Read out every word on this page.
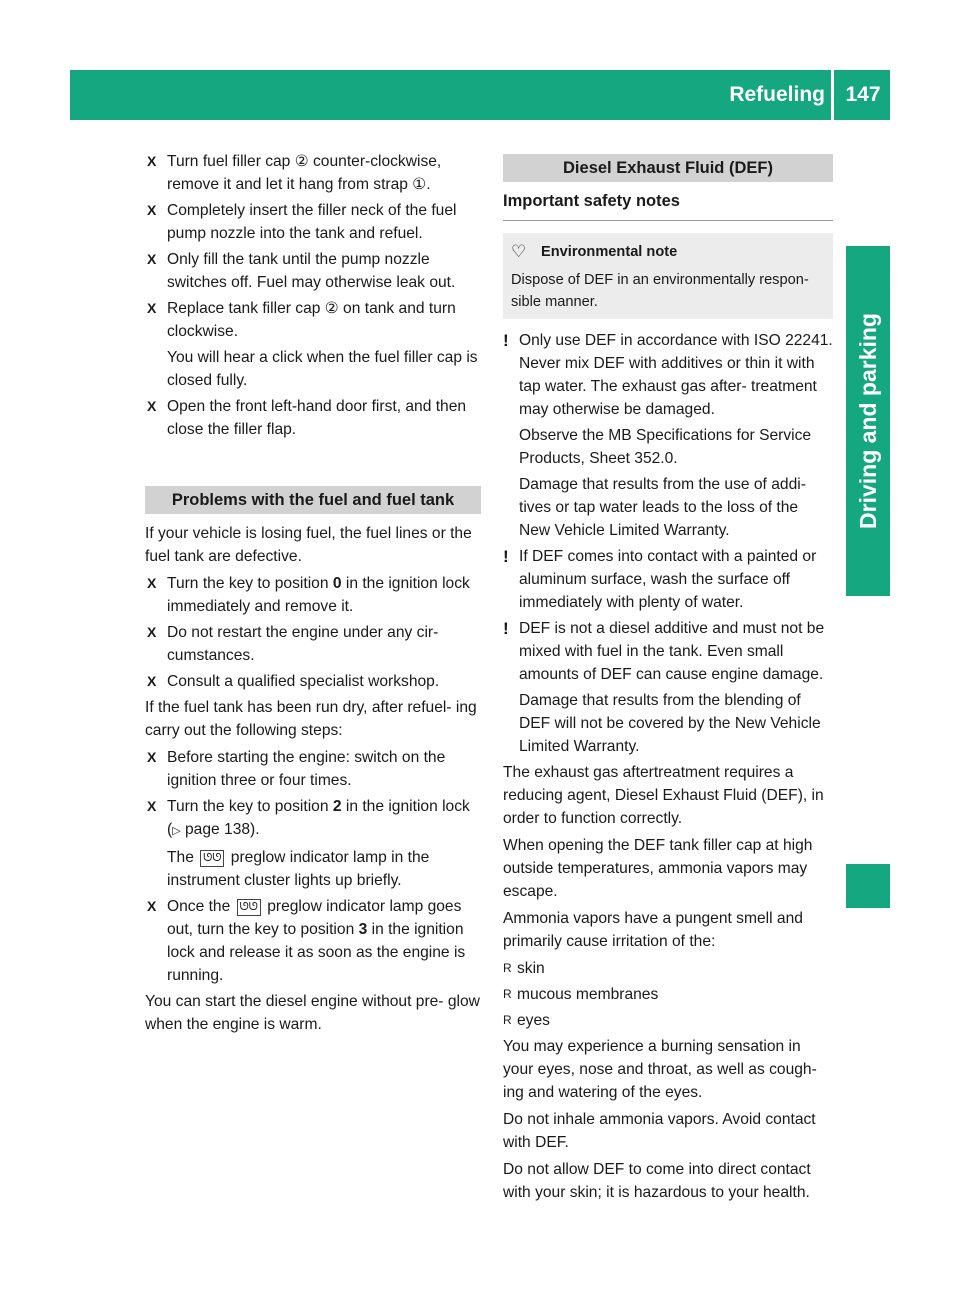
Refueling 147
Driving and parking
X Turn fuel filler cap ② counter-clockwise, remove it and let it hang from strap ①.
X Completely insert the filler neck of the fuel pump nozzle into the tank and refuel.
X Only fill the tank until the pump nozzle switches off. Fuel may otherwise leak out.
X Replace tank filler cap ② on tank and turn clockwise.
You will hear a click when the fuel filler cap is closed fully.
X Open the front left-hand door first, and then close the filler flap.
Problems with the fuel and fuel tank

If your vehicle is losing fuel, the fuel lines or the fuel tank are defective.

X Turn the key to position 0 in the ignition lock immediately and remove it.
X Do not restart the engine under any cir- cumstances.
X Consult a qualified specialist workshop.

If the fuel tank has been run dry, after refuel- ing carry out the following steps:

X Before starting the engine: switch on the ignition three or four times.
X Turn the key to position 2 in the ignition lock (▷ page 138).
The ᘎᘎ preglow indicator lamp in the instrument cluster lights up briefly.
X Once the ᘎᘎ preglow indicator lamp goes out, turn the key to position 3 in the ignition lock and release it as soon as the engine is running.

You can start the diesel engine without pre- glow when the engine is warm.

Diesel Exhaust Fluid (DEF)
Important safety notes
♡ Environmental note
Dispose of DEF in an environmentally respon- sible manner.
! Only use DEF in accordance with ISO 22241. Never mix DEF with additives or thin it with tap water. The exhaust gas after- treatment may otherwise be damaged.
Observe the MB Specifications for Service Products, Sheet 352.0.
Damage that results from the use of addi- tives or tap water leads to the loss of the New Vehicle Limited Warranty.
! If DEF comes into contact with a painted or aluminum surface, wash the surface off immediately with plenty of water.
! DEF is not a diesel additive and must not be mixed with fuel in the tank. Even small amounts of DEF can cause engine damage.
Damage that results from the blending of DEF will not be covered by the New Vehicle Limited Warranty.

The exhaust gas aftertreatment requires a reducing agent, Diesel Exhaust Fluid (DEF), in order to function correctly.

When opening the DEF tank filler cap at high outside temperatures, ammonia vapors may escape.

Ammonia vapors have a pungent smell and primarily cause irritation of the:

R skin
R mucous membranes
R eyes

You may experience a burning sensation in your eyes, nose and throat, as well as cough- ing and watering of the eyes.

Do not inhale ammonia vapors. Avoid contact with DEF.

Do not allow DEF to come into direct contact with your skin; it is hazardous to your health.
